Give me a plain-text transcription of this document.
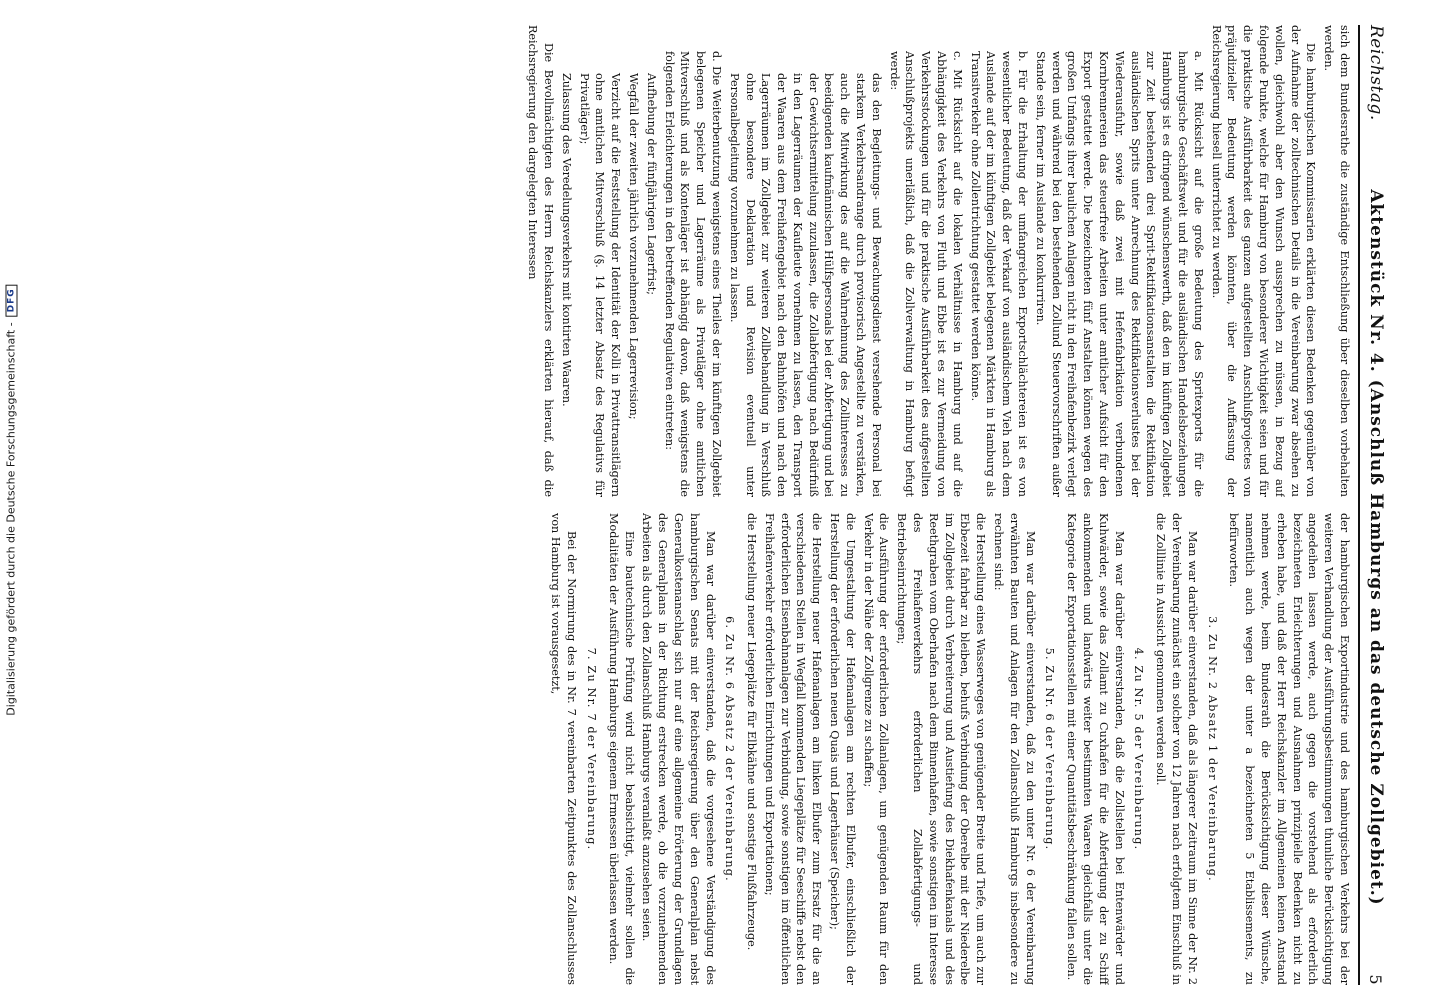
Digitalisierung gefördert durch die Deutsche Forschungsgemeinschaft -
DFG
Reichstag.
Aktenstück Nr. 4. (Anschluß Hamburgs an das deutsche Zollgebiet.)
5

sich dem Bundesrathe die zuständige Entschließung über dieselben vorbehalten werden.

Die hamburgischen Kommissarien erklärten diesen Bedenken gegenüber von der Aufnahme der zolltechnischen Details in die Vereinbarung zwar absehen zu wollen, gleichwohl aber den Wunsch aussprechen zu müssen, in Bezug auf folgende Punkte, welche für Hamburg von besonderer Wichtigkeit seien und für die praktische Ausführbarkeit des ganzen aufgestellten Anschlußprojectes von präjudizieller Bedeutung werden könnten, über die Auffassung der Reichsregierung hiesell unterrichtet zu werden.

a. Mit Rücksicht auf die große Bedeutung des Spritexports für die hamburgische Geschäftswelt und für die ausländischen Handelsbeziehungen Hamburgs ist es dringend wünschenswerth, daß den im künftigen Zollgebiet zur Zeit bestehenden drei Sprit-Rektifikationsanstalten die Rektifikation ausländischen Sprits unter Anrechnung des Rektifikationsverlustes bei der Wiederausfuhr, sowie daß zwei mit Hefenfabrikation verbundenen Kornbrennereien das steuerfreie Arbeiten unter amtlicher Aufsicht für den Export gestattet werde. Die bezeichneten fünf Anstalten können wegen des großen Umfangs ihrer baulichen Anlagen nicht in den Freihafenbezirk verlegt werden und während bei den bestehenden Zollund Steuervorschriften außer Stande sein, ferner im Auslande zu konkurriren.

b. Für die Erhaltung der umfangreichen Exportschlächtereien ist es von wesentlicher Bedeutung, daß der Verkauf von ausländischem Vieh nach dem Auslande auf der im künftigen Zollgebiet belegenen Märkten in Hamburg als Transitverkehr ohne Zollentrichtung gestattet werden könne.

c. Mit Rücksicht auf die lokalen Verhältnisse in Hamburg und auf die Abhängigkeit des Verkehrs von Fluth und Ebbe ist es zur Vermeidung von Verkehrsstockungen und für die praktische Ausführbarkeit des aufgestellten Anschlußprojekts unerläßlich, daß die Zollverwaltung in Hamburg befugt werde:

das den Begleitungs- und Bewachungsdienst versehende Personal bei starkem Verkehrsandrange durch provisorisch Angestellte zu verstärken, auch die Mitwirkung des auf die Wahrnehmung des Zollinteresses zu beeidigenden kaufmännischen Hülfspersonals bei der Abfertigung und bei der Gewichtsermittelung zuzulassen, die Zollabfertigung nach Bedürfniß in den Lagerräumen der Kaufleute vornehmen zu lassen, den Transport der Waaren aus dem Freihafengebiet nach den Bahnhöfen und nach den Lagerräumen im Zollgebiet zur weiteren Zollbehandlung in Verschluß ohne besondere Deklaration und Revision eventuell unter Personalbegleitung vorzunehmen zu lassen.

d. Die Weiterbenutzung wenigstens eines Theiles der im künftigen Zollgebiet belegenen Speicher und Lagerräume als Privatläger ohne amtlichen Mitverschluß und als Kontenläger ist abhängig davon, daß wenigstens die folgenden Erleichterungen in den betreffenden Regulativen eintreten:

Aufhebung der fünfjährigen Lagerfrist;

Wegfall der zweiten jährlich vorzunehmenden Lagerrevision;

Verzicht auf die Feststellung der Identität der Kolli in Privattransitlägern ohne amtlichen Mitverschluß (§. 14 letzter Absatz des Regulativs für Privatläger);

Zulassung des Veredelungsverkehrs mit kontirten Waaren.

Die Bevollmächtigten des Herrn Reichskanzlers erklärten hierauf, daß die Reichsregierung den dargelegten Interessen

der hamburgischen Exportindustrie und des hamburgischen Verkehrs bei der weiteren Verhandlung der Ausführungsbestimmungen thunliche Berücksichtigung angedeihen lassen werde, auch gegen die vorstehend als erforderlich bezeichneten Erleichterungen und Ausnahmen prinzipielle Bedenken nicht zu erheben habe, und daß der Herr Reichskanzler im Allgemeinen keinen Anstand nehmen werde, beim Bundesrath die Berücksichtigung dieser Wünsche, namentlich auch wegen der unter a bezeichneten 5 Etablissements, zu befürworten.

3. Zu Nr. 2 Absatz 1 der Vereinbarung.

Man war darüber einverstanden, daß als längerer Zeitraum im Sinne der Nr. 2 der Vereinbarung zunächst ein solcher von 12 Jahren nach erfolgtem Einschluß in die Zolllinie in Aussicht genommen werden soll.

4. Zu Nr. 5 der Vereinbarung.

Man war darüber einverstanden, daß die Zollstellen bei Entenwärder und Kuhwärder, sowie das Zollamt zu Cuxhafen für die Abfertigung der zu Schiff ankommenden und landwärts weiter bestimmten Waaren gleichfalls unter die Kategorie der Exportationsstellen mit einer Quantitätsbeschränkung fallen sollen.

5. Zu Nr. 6 der Vereinbarung.

Man war darüber einverstanden, daß zu den unter Nr. 6 der Vereinbarung erwähnten Bauten und Anlagen für den Zollanschluß Hamburgs insbesondere zu rechnen sind:

die Herstellung eines Wasserweges von genügender Breite und Tiefe, um auch zur Ebbezeit fahrbar zu bleiben, behufs Verbindung der Oberelbe mit der Niederelbe im Zollgebiet durch Verbreiterung und Austiefung des Diekhafenkanals und des Reethgraben vom Oberhafen nach dem Binnenhafen, sowie sonstigen im Interesse des Freihafenverkehrs erforderlichen Zollabfertigungs- und Betriebseinrichtungen;

die Ausführung der erforderlichen Zollanlagen, um genügenden Raum für den Verkehr in der Nähe der Zollgrenze zu schaffen;

die Umgestaltung der Hafenanlagen am rechten Elbufer, einschließlich der Herstellung der erforderlichen neuen Quais und Lagerhäuser (Speicher);

die Herstellung neuer Hafenanlagen am linken Elbufer zum Ersatz für die an verschiedenen Stellen in Wegfall kommenden Liegeplätze für Seeschiffe nebst den erforderlichen Eisenbahnanlagen zur Verbindung, sowie sonstigen im öffentlichen Freihafenverkehr erforderlichen Einrichtungen und Exportationen;

die Herstellung neuer Liegeplätze für Elbkähne und sonstige Flußfahrzeuge.

6. Zu Nr. 6 Absatz 2 der Vereinbarung.

Man war darüber einverstanden, daß die vorgesehene Verständigung des hamburgischen Senats mit der Reichsregierung über den Generalplan nebst Generalkostenanschlag sich nur auf eine allgemeine Erörterung der Grundlagen des Generalplans in der Richtung erstrecken werde, ob die vorzunehmenden Arbeiten als durch den Zollanschluß Hamburgs veranlaßt anzusehen seien.

Eine bautechnische Prüfung wird nicht beabsichtigt, vielmehr sollen die Modalitäten der Ausführung Hamburgs eigenem Ermessen überlassen werden.

7. Zu Nr. 7 der Vereinbarung.

Bei der Normirung des in Nr. 7 vereinbarten Zeitpunktes des Zollanschlusses von Hamburg ist vorausgesetzt,
